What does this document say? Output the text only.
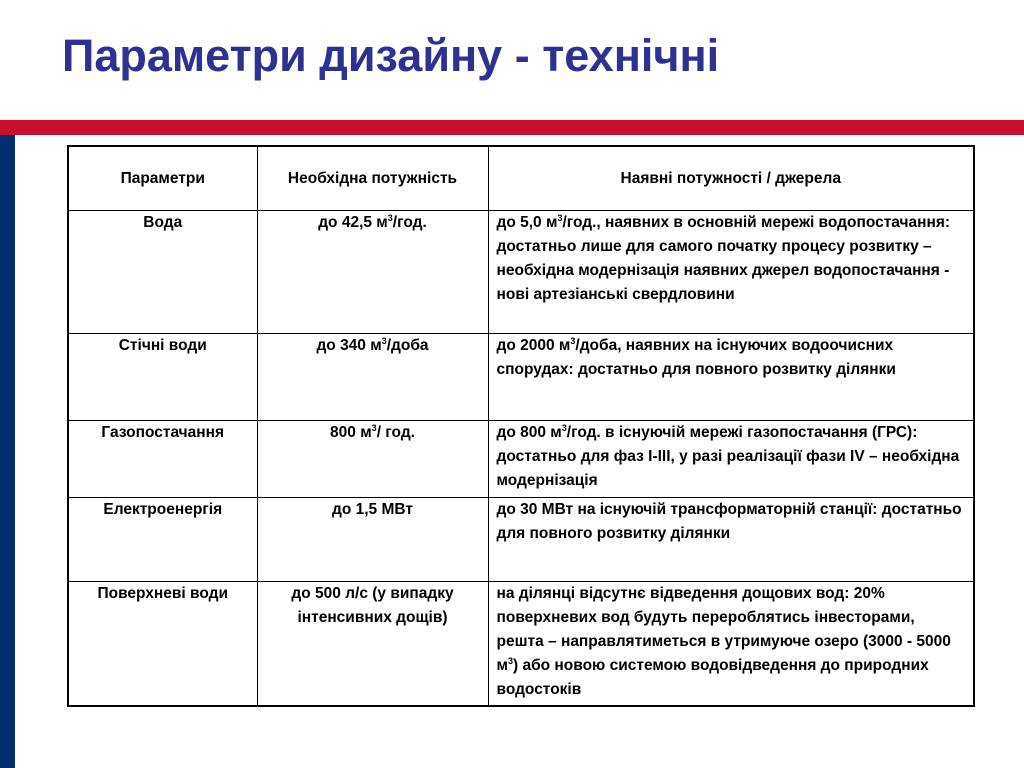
Параметри дизайну - технічні
Параметри	Необхідна потужність	Наявні потужності / джерела
Вода	до 42,5 $м^3$/год.	до 5,0 $м^3$/год., наявних в основній мережі водопостачання: достатньо лише для самого початку процесу розвитку – необхідна модернізація наявних джерел водопостачання - нові артезіанські свердловини
Стічні води	до 340 $м^3$/доба	до 2000 $м^3$/доба, наявних на існуючих водоочисних спорудах: достатньо для повного розвитку ділянки
Газопостачання	800 $м^3/$ год.	до 800 $м^3$/год. в існуючій мережі газопостачання (ГРС): достатньо для фаз I-III, у разі реалізації фази IV – необхідна модернізація
Електроенергія	до 1,5 МВт	до 30 МВт на існуючій трансформаторній станції: достатньо для повного розвитку ділянки
Поверхневі води	до 500 л/с (у випадку інтенсивних дощів)	на ділянці відсутнє відведення дощових вод: 20% поверхневих вод будуть перероблятись інвесторами, решта – направлятиметься в утримуюче озеро (3000 - 5000 $м^3$) або новою системою водовідведення до природних водостоків
